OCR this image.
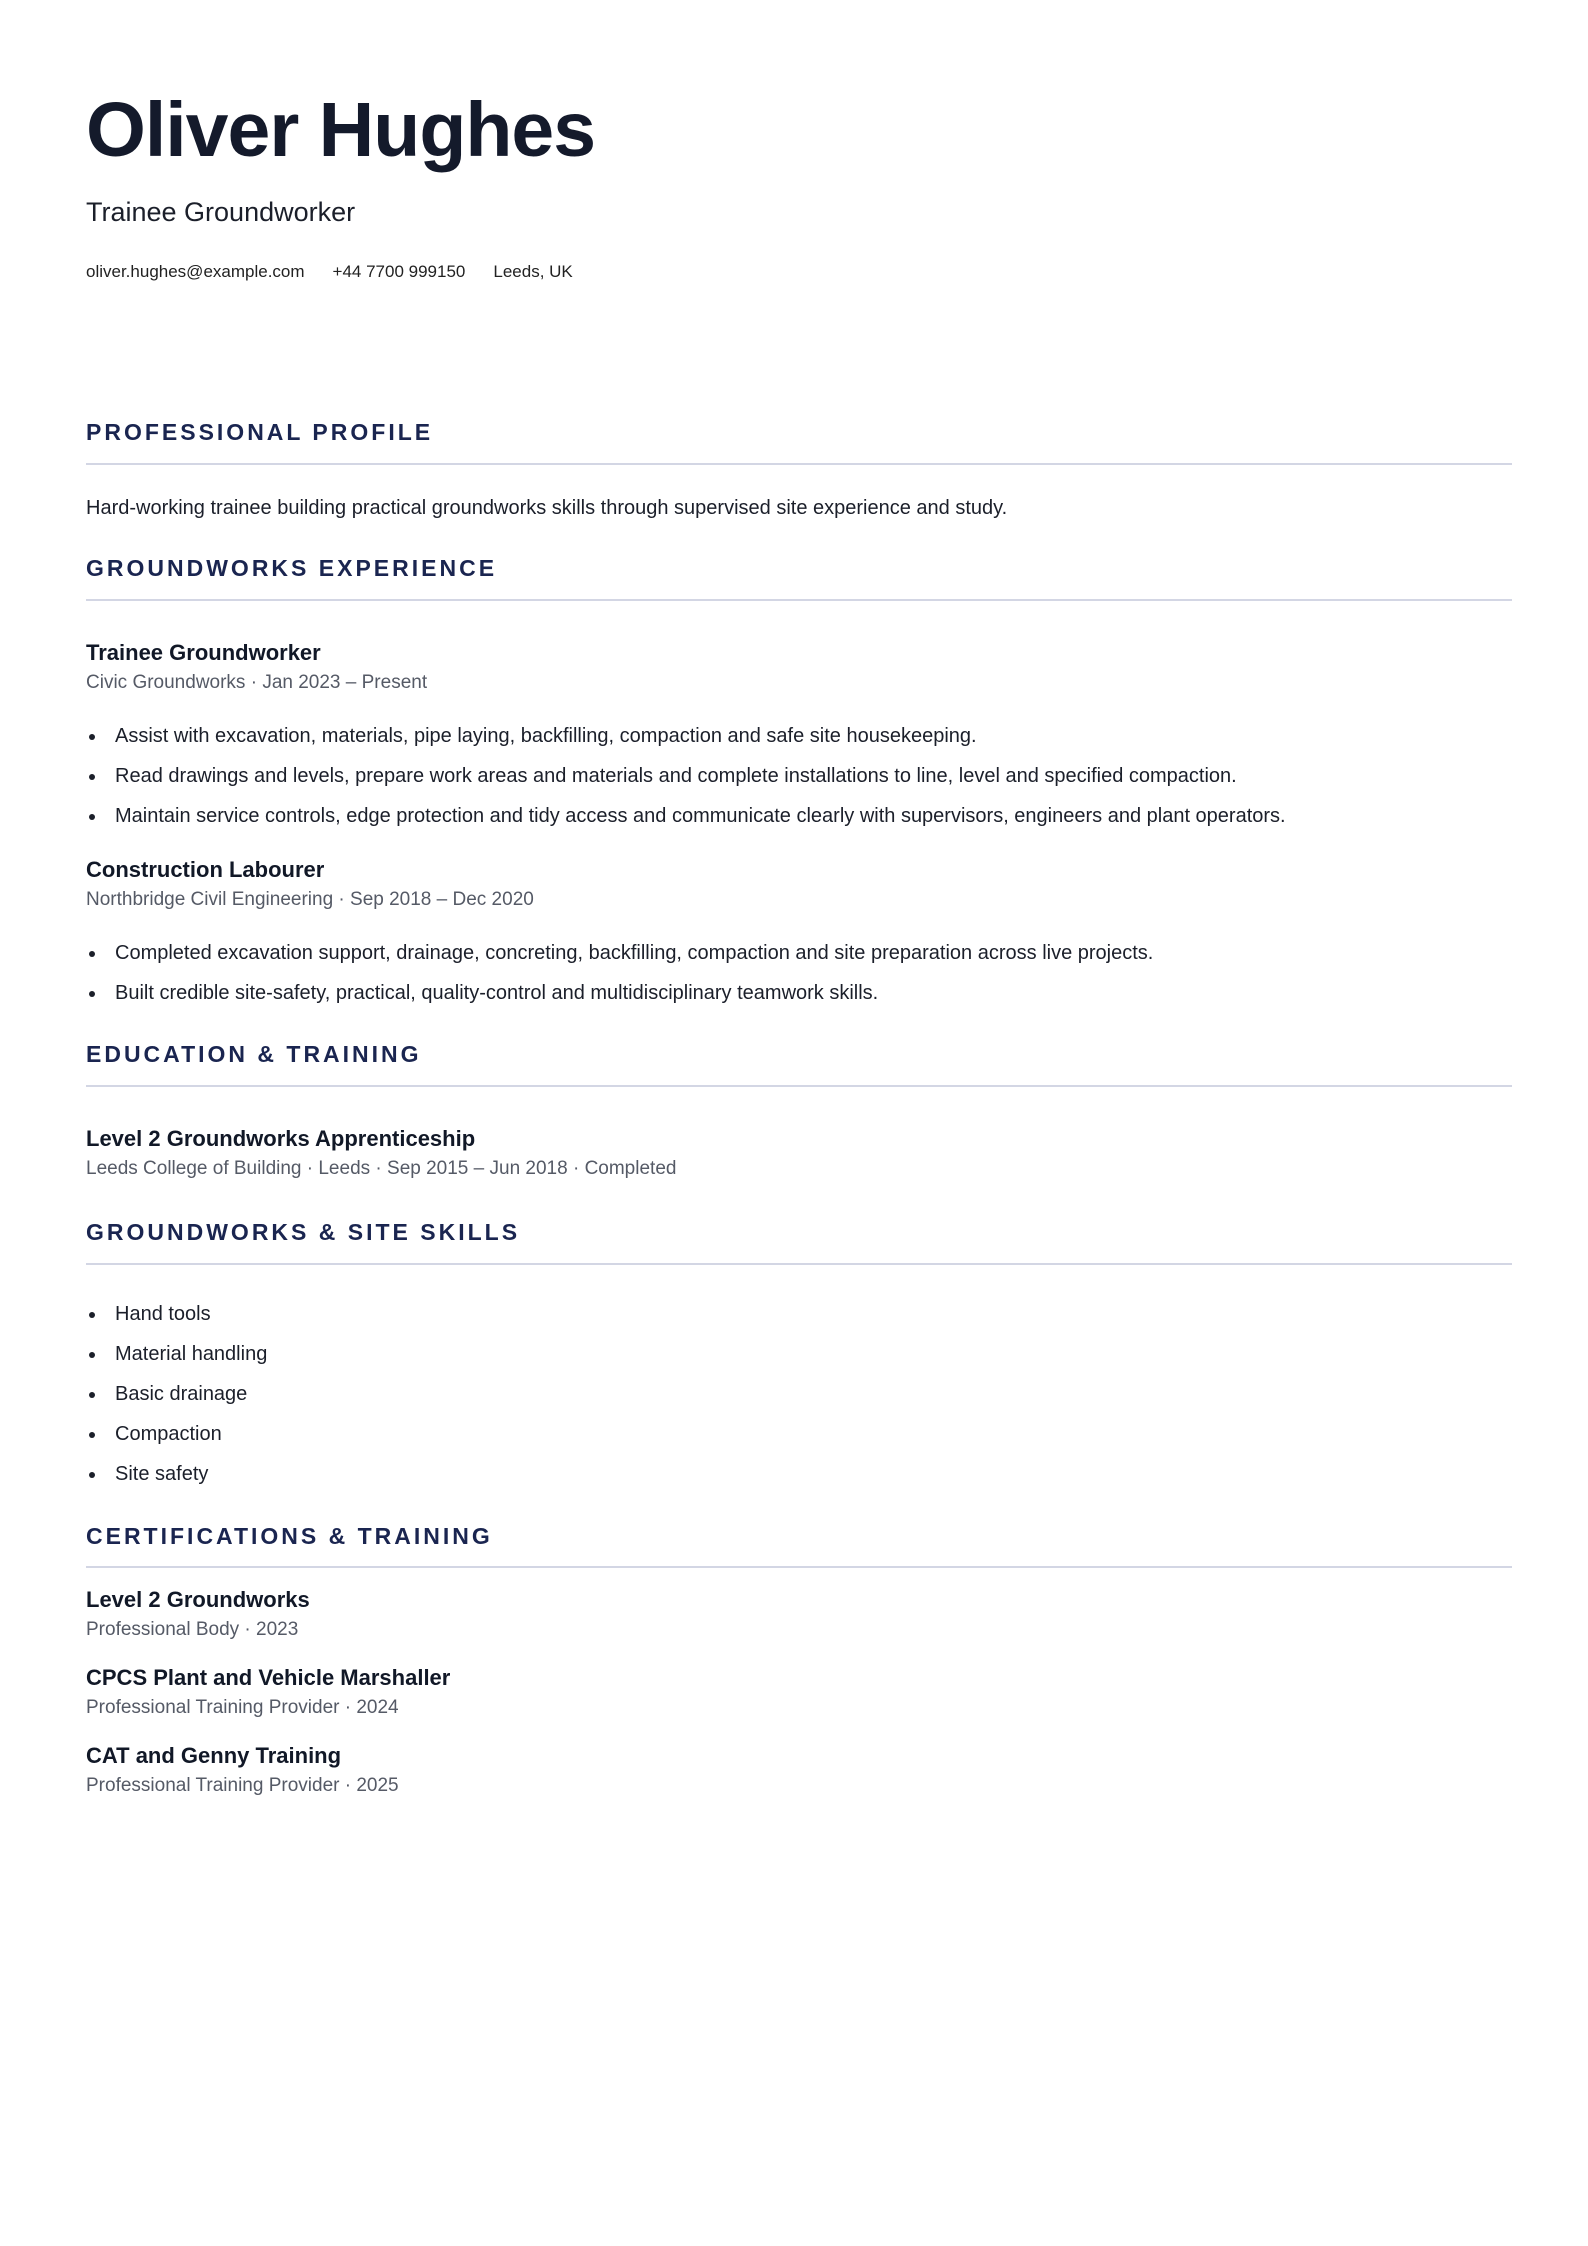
Oliver Hughes
Trainee Groundworker
oliver.hughes@example.com +44 7700 999150 Leeds, UK
PROFESSIONAL PROFILE
Hard-working trainee building practical groundworks skills through supervised site experience and study.
GROUNDWORKS EXPERIENCE
Trainee Groundworker
Civic Groundworks · Jan 2023 – Present
Assist with excavation, materials, pipe laying, backfilling, compaction and safe site housekeeping.
Read drawings and levels, prepare work areas and materials and complete installations to line, level and specified compaction.
Maintain service controls, edge protection and tidy access and communicate clearly with supervisors, engineers and plant operators.
Construction Labourer
Northbridge Civil Engineering · Sep 2018 – Dec 2020
Completed excavation support, drainage, concreting, backfilling, compaction and site preparation across live projects.
Built credible site-safety, practical, quality-control and multidisciplinary teamwork skills.
EDUCATION & TRAINING
Level 2 Groundworks Apprenticeship
Leeds College of Building · Leeds · Sep 2015 – Jun 2018 · Completed
GROUNDWORKS & SITE SKILLS
Hand tools
Material handling
Basic drainage
Compaction
Site safety
CERTIFICATIONS & TRAINING
Level 2 Groundworks
Professional Body · 2023
CPCS Plant and Vehicle Marshaller
Professional Training Provider · 2024
CAT and Genny Training
Professional Training Provider · 2025
